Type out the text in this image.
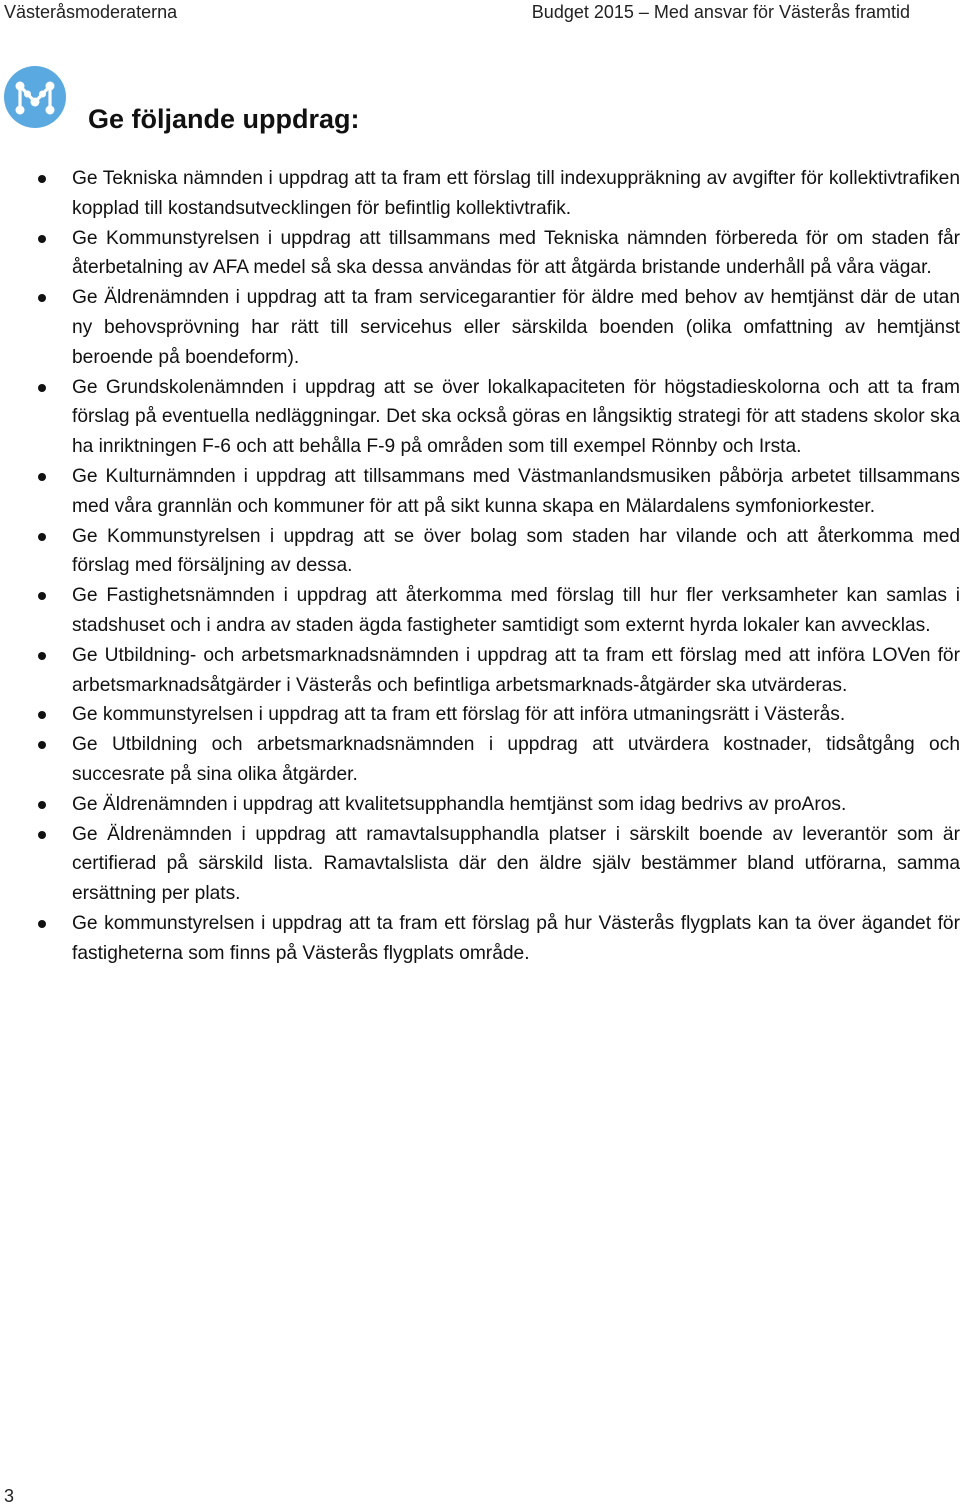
Västeråsmoderaterna	Budget 2015 – Med ansvar för Västerås framtid
Ge följande uppdrag:
Ge Tekniska nämnden i uppdrag att ta fram ett förslag till indexuppräkning av avgifter för kollektivtrafiken kopplad till kostandsutvecklingen för befintlig kollektivtrafik.
Ge Kommunstyrelsen i uppdrag att tillsammans med Tekniska nämnden förbereda för om staden får återbetalning av AFA medel så ska dessa användas för att åtgärda bristande underhåll på våra vägar.
Ge Äldrenämnden i uppdrag att ta fram servicegarantier för äldre med behov av hemtjänst där de utan ny behovsprövning har rätt till servicehus eller särskilda boenden (olika omfattning av hemtjänst beroende på boendeform).
Ge Grundskolenämnden i uppdrag att se över lokalkapaciteten för högstadieskolorna och att ta fram förslag på eventuella nedläggningar. Det ska också göras en långsiktig strategi för att stadens skolor ska ha inriktningen F-6 och att behålla F-9 på områden som till exempel Rönnby och Irsta.
Ge Kulturnämnden i uppdrag att tillsammans med Västmanlandsmusiken påbörja arbetet tillsammans med våra grannlän och kommuner för att på sikt kunna skapa en Mälardalens symfoniorkester.
Ge Kommunstyrelsen i uppdrag att se över bolag som staden har vilande och att återkomma med förslag med försäljning av dessa.
Ge Fastighetsnämnden i uppdrag att återkomma med förslag till hur fler verksamheter kan samlas i stadshuset och i andra av staden ägda fastigheter samtidigt som externt hyrda lokaler kan avvecklas.
Ge Utbildning- och arbetsmarknadsnämnden i uppdrag att ta fram ett förslag med att införa LOVen för arbetsmarknadsåtgärder i Västerås och befintliga arbetsmarknads-åtgärder ska utvärderas.
Ge kommunstyrelsen i uppdrag att ta fram ett förslag för att införa utmaningsrätt i Västerås.
Ge Utbildning och arbetsmarknadsnämnden i uppdrag att utvärdera kostnader, tidsåtgång och succesrate på sina olika åtgärder.
Ge Äldrenämnden i uppdrag att kvalitetsupphandla hemtjänst som idag bedrivs av proAros.
Ge Äldrenämnden i uppdrag att ramavtalsupphandla platser i särskilt boende av leverantör som är certifierad på särskild lista. Ramavtalslista där den äldre själv bestämmer bland utförarna, samma ersättning per plats.
Ge kommunstyrelsen i uppdrag att ta fram ett förslag på hur Västerås flygplats kan ta över ägandet för fastigheterna som finns på Västerås flygplats område.
3
